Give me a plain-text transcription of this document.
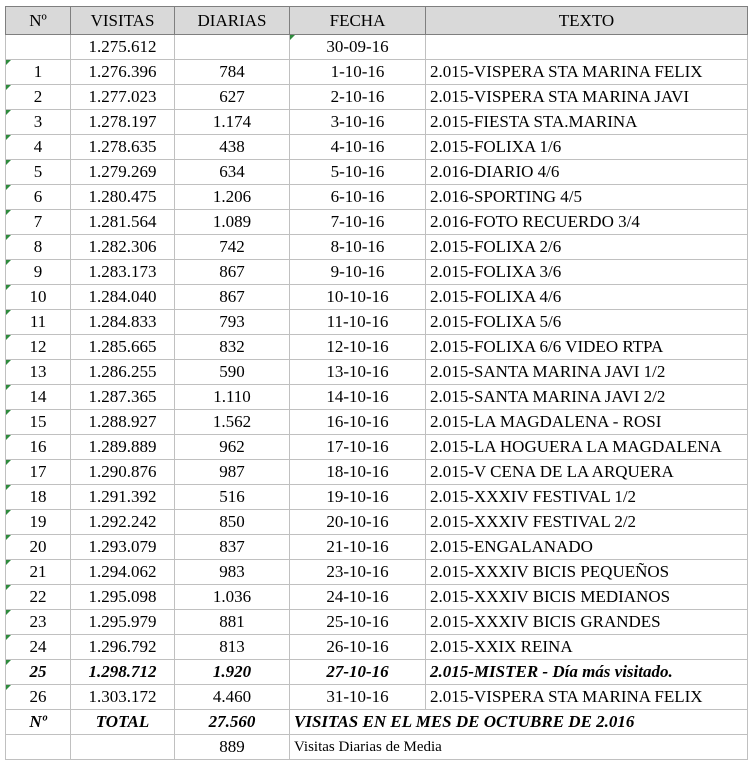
Nº	VISITAS	DIARIAS	FECHA	TEXTO
	1.275.612		30-09-16	

1	1.276.396	784	1-10-16	2.015-VISPERA STA MARINA FELIX

2	1.277.023	627	2-10-16	2.015-VISPERA STA MARINA JAVI

3	1.278.197	1.174	3-10-16	2.015-FIESTA STA.MARINA

4	1.278.635	438	4-10-16	2.015-FOLIXA 1/6

5	1.279.269	634	5-10-16	2.016-DIARIO 4/6

6	1.280.475	1.206	6-10-16	2.016-SPORTING 4/5

7	1.281.564	1.089	7-10-16	2.016-FOTO RECUERDO 3/4

8	1.282.306	742	8-10-16	2.015-FOLIXA 2/6

9	1.283.173	867	9-10-16	2.015-FOLIXA 3/6

10	1.284.040	867	10-10-16	2.015-FOLIXA 4/6

11	1.284.833	793	11-10-16	2.015-FOLIXA 5/6

12	1.285.665	832	12-10-16	2.015-FOLIXA 6/6 VIDEO RTPA

13	1.286.255	590	13-10-16	2.015-SANTA MARINA JAVI 1/2

14	1.287.365	1.110	14-10-16	2.015-SANTA MARINA JAVI 2/2

15	1.288.927	1.562	16-10-16	2.015-LA MAGDALENA - ROSI

16	1.289.889	962	17-10-16	2.015-LA HOGUERA LA MAGDALENA

17	1.290.876	987	18-10-16	2.015-V CENA DE LA ARQUERA

18	1.291.392	516	19-10-16	2.015-XXXIV FESTIVAL 1/2

19	1.292.242	850	20-10-16	2.015-XXXIV FESTIVAL 2/2

20	1.293.079	837	21-10-16	2.015-ENGALANADO

21	1.294.062	983	23-10-16	2.015-XXXIV BICIS PEQUEÑOS

22	1.295.098	1.036	24-10-16	2.015-XXXIV BICIS MEDIANOS

23	1.295.979	881	25-10-16	2.015-XXXIV BICIS GRANDES

24	1.296.792	813	26-10-16	2.015-XXIX REINA

25	1.298.712	1.920	27-10-16	2.015-MISTER - Día más visitado.

26	1.303.172	4.460	31-10-16	2.015-VISPERA STA MARINA FELIX
Nº	TOTAL	27.560	VISITAS EN EL MES DE OCTUBRE DE 2.016	
		889	Visitas Diarias de Media	
